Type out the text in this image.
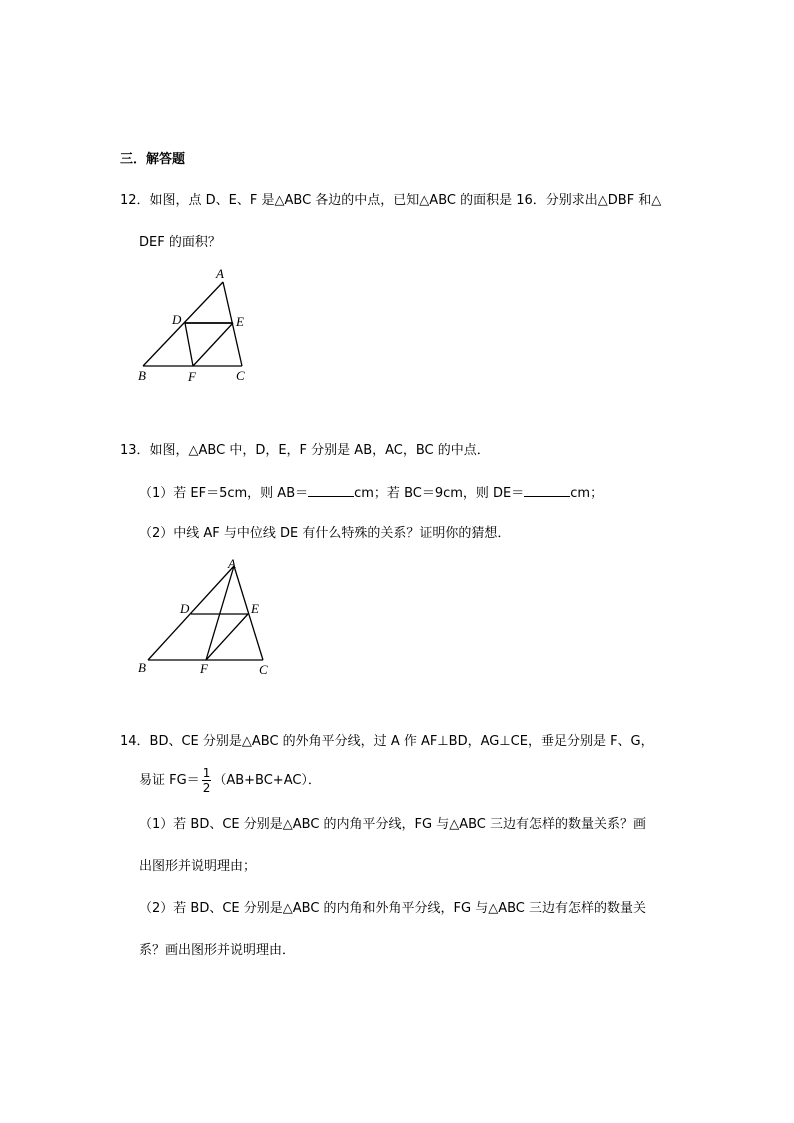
三．解答题
12．如图，点 D、E、F 是△ABC 各边的中点，已知△ABC 的面积是 16．分别求出△DBF 和△
DEF 的面积？
A
B	C
D	E
F
13．如图，△ABC 中，D，E，F 分别是 AB，AC，BC 的中点．
（1）若 EF＝5cm，则 AB＝	cm；若 BC＝9cm，则 DE＝	cm；
（2）中线 AF 与中位线 DE 有什么特殊的关系？证明你的猜想．
A
B	C
D	E
F
14．BD、CE 分别是△ABC 的外角平分线，过 A 作 AF⊥BD，AG⊥CE，垂足分别是 F、G，
易证 $FG= \frac{1}{2} (AB+BC+AC)$．
（1）若 BD、CE 分别是△ABC 的内角平分线，FG 与△ABC 三边有怎样的数量关系？画
出图形并说明理由；
（2）若 BD、CE 分别是△ABC 的内角和外角平分线，FG 与△ABC 三边有怎样的数量关
系？画出图形并说明理由．
